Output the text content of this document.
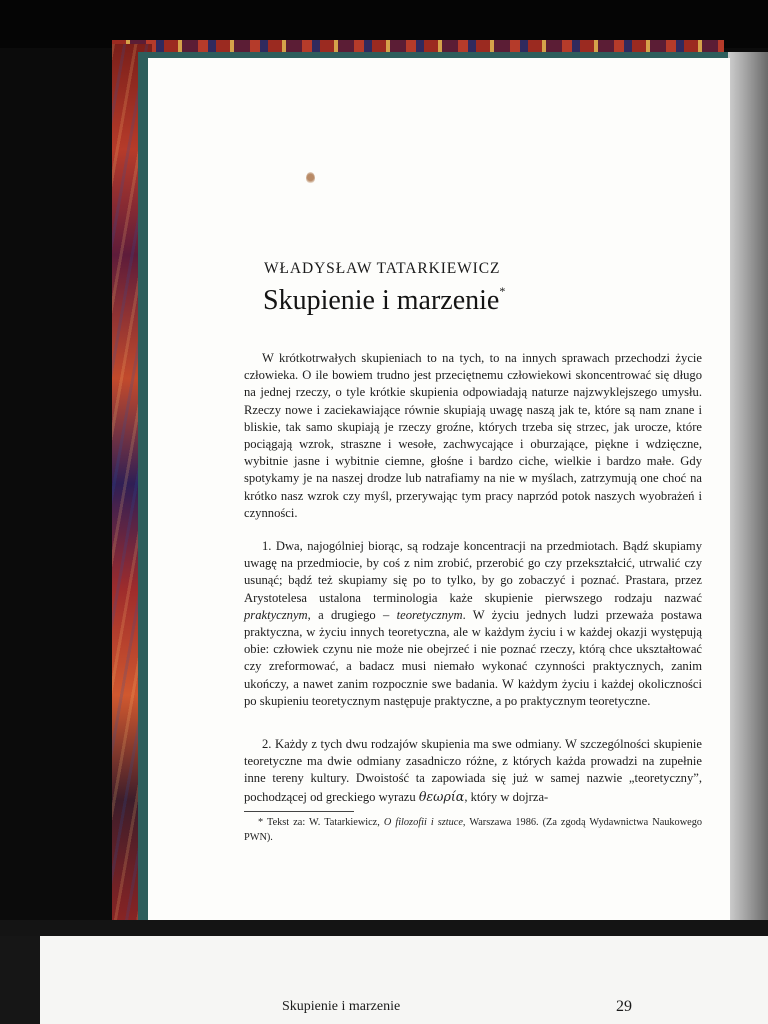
WŁADYSŁAW TATARKIEWICZ
Skupienie i marzenie*

W krótkotrwałych skupieniach to na tych, to na innych sprawach przechodzi życie człowieka. O ile bowiem trudno jest przeciętnemu człowiekowi skoncentrować się długo na jednej rzeczy, o tyle krótkie skupienia odpowiadają naturze najzwyklejszego umysłu. Rzeczy nowe i zaciekawiające równie skupiają uwagę naszą jak te, które są nam znane i bliskie, tak samo skupiają je rzeczy groźne, których trzeba się strzec, jak urocze, które pociągają wzrok, straszne i wesołe, zachwycające i oburzające, piękne i wdzięczne, wybitnie jasne i wybitnie ciemne, głośne i bardzo ciche, wielkie i bardzo małe. Gdy spotykamy je na naszej drodze lub natrafiamy na nie w myślach, zatrzymują one choć na krótko nasz wzrok czy myśl, przerywając tym pracy naprzód potok naszych wyobrażeń i czynności.

1. Dwa, najogólniej biorąc, są rodzaje koncentracji na przedmiotach. Bądź skupiamy uwagę na przedmiocie, by coś z nim zrobić, przerobić go czy przekształcić, utrwalić czy usunąć; bądź też skupiamy się po to tylko, by go zobaczyć i poznać. Prastara, przez Arystotelesa ustalona terminologia każe skupienie pierwszego rodzaju nazwać praktycznym, a drugiego – teoretycznym. W życiu jednych ludzi przeważa postawa praktyczna, w życiu innych teoretyczna, ale w każdym życiu i w każdej okazji występują obie: człowiek czynu nie może nie obejrzeć i nie poznać rzeczy, którą chce ukształtować czy zreformować, a badacz musi niemało wykonać czynności praktycznych, zanim ukończy, a nawet zanim rozpocznie swe badania. W każdym życiu i każdej okoliczności po skupieniu teoretycznym następuje praktyczne, a po praktycznym teoretyczne.

2. Każdy z tych dwu rodzajów skupienia ma swe odmiany. W szczególności skupienie teoretyczne ma dwie odmiany zasadniczo różne, z których każda prowadzi na zupełnie inne tereny kultury. Dwoistość ta zapowiada się już w samej nazwie „teoretyczny”, pochodzącej od greckiego wyrazu θεωρία, który w dojrza-

* Tekst za: W. Tatarkiewicz, O filozofii i sztuce, Warszawa 1986. (Za zgodą Wydawnictwa Naukowego PWN).

Skupienie i marzenie	29
